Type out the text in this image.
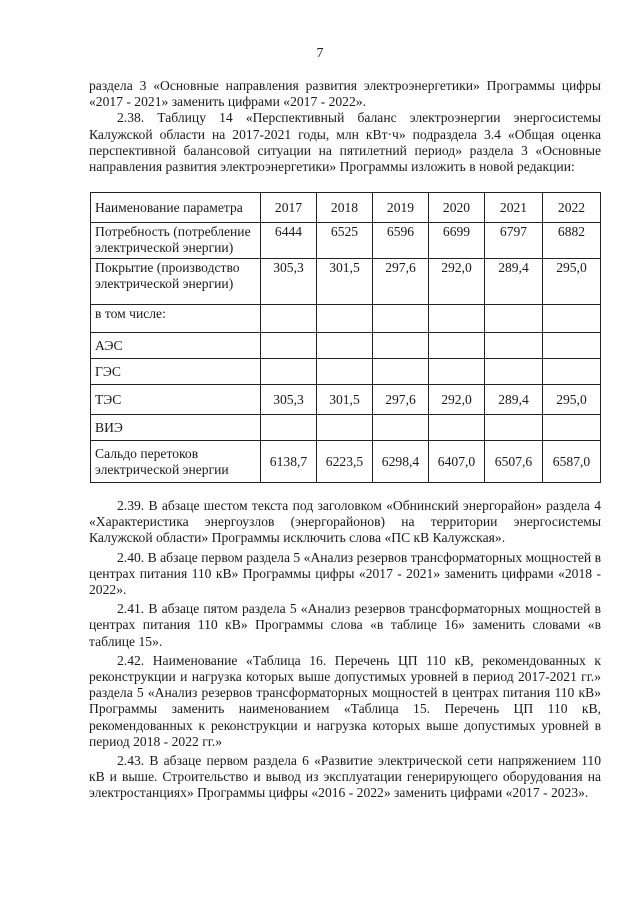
7
раздела 3 «Основные направления развития электроэнергетики» Программы цифры «2017 - 2021» заменить цифрами «2017 - 2022».
2.38. Таблицу 14 «Перспективный баланс электроэнергии энергосистемы Калужской области на 2017-2021 годы, млн кВт·ч» подраздела 3.4 «Общая оценка перспективной балансовой ситуации на пятилетний период» раздела 3 «Основные направления развития электроэнергетики» Программы изложить в новой редакции:
Наименование параметра	2017	2018	2019	2020	2021	2022
Потребность (потребление электрической энергии)	6444	6525	6596	6699	6797	6882
Покрытие (производство электрической энергии)	305,3	301,5	297,6	292,0	289,4	295,0
в том числе:						
АЭС						
ГЭС						
ТЭС	305,3	301,5	297,6	292,0	289,4	295,0
ВИЭ						
Сальдо перетоков электрической энергии	6138,7	6223,5	6298,4	6407,0	6507,6	6587,0
2.39. В абзаце шестом текста под заголовком «Обнинский энергорайон» раздела 4 «Характеристика энергоузлов (энергорайонов) на территории энергосистемы Калужской области» Программы исключить слова «ПС кВ Калужская».
2.40. В абзаце первом раздела 5 «Анализ резервов трансформаторных мощностей в центрах питания 110 кВ» Программы цифры «2017 - 2021» заменить цифрами «2018 - 2022».
2.41. В абзаце пятом раздела 5 «Анализ резервов трансформаторных мощностей в центрах питания 110 кВ» Программы слова «в таблице 16» заменить словами «в таблице 15».
2.42. Наименование «Таблица 16. Перечень ЦП 110 кВ, рекомендованных к реконструкции и нагрузка которых выше допустимых уровней в период 2017-2021 гг.» раздела 5 «Анализ резервов трансформаторных мощностей в центрах питания 110 кВ» Программы заменить наименованием «Таблица 15. Перечень ЦП 110 кВ, рекомендованных к реконструкции и нагрузка которых выше допустимых уровней в период 2018 - 2022 гг.»
2.43. В абзаце первом раздела 6 «Развитие электрической сети напряжением 110 кВ и выше. Строительство и вывод из эксплуатации генерирующего оборудования на электростанциях» Программы цифры «2016 - 2022» заменить цифрами «2017 - 2023».
